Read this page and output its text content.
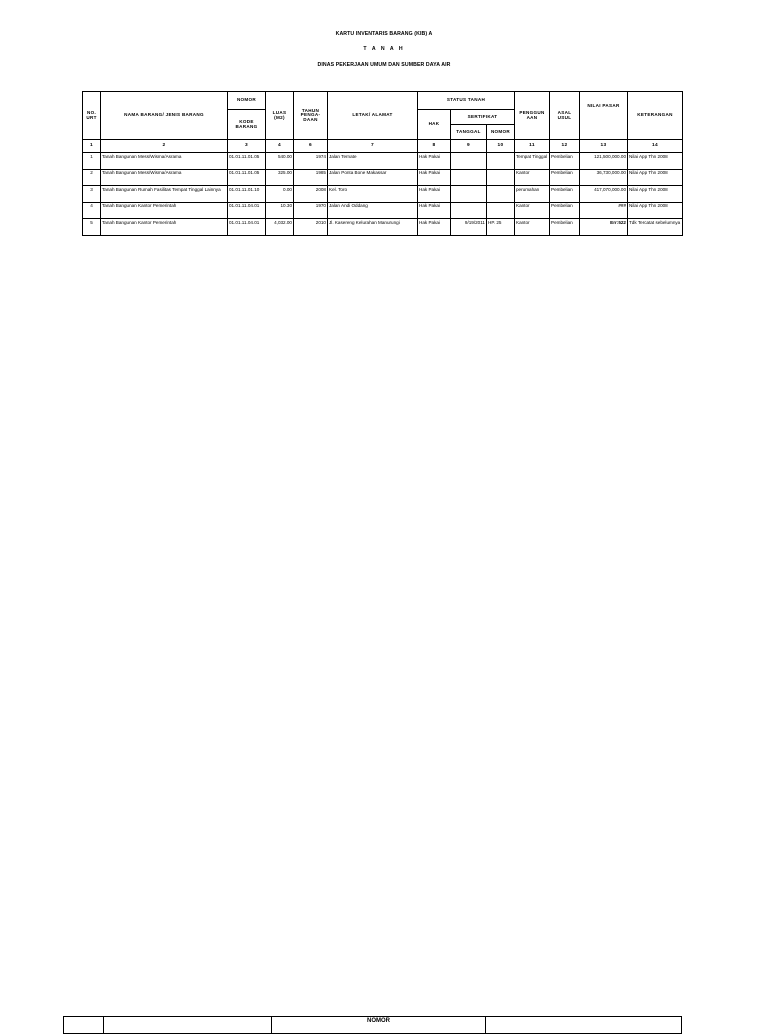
KARTU INVENTARIS BARANG (KIB) A
T A N A H
DINAS PEKERJAAN UMUM DAN SUMBER DAYA AIR
NO. URT	NAMA BARANG/ JENIS BARANG	NOMOR	LUAS (M2)	TAHUN PENGA- DAAN	LETAK/ ALAMAT	STATUS TANAH			PENGGUN AAN	ASAL USUL	NILAI PASAR	KETERANGAN
		KODE BARANG				HAK	SERTIFIKAT					
							TANGGAL	NOMOR				
1	2	3	4	6	7	8	9	10	11	12	13	14
1	Tanah Bangunan Mess/Wisma/Asrama	01.01.11.01.05	540.00	1974	Jalan Ternate	Hak Pakai			Tempat Tinggal	Pembelian	121,500,000.00	Nilai App Thn 2008
2	Tanah Bangunan Mess/Wisma/Asrama	01.01.11.01.05	325.00	1985	Jalan Ponta Bone Makassar	Hak Pakai			Kantor	Pembelian	36,730,000.00	Nilai App Thn 2008
3	Tanah Bangunan Rumah Fasilitas Tempat Tinggal Lainnya	01.01.11.01.10	0.00	2008	Kel. Toro	Hak Pakai			perumahan	Pembelian	417,070,000.00	Nilai App Thn 2008
4	Tanah Bangunan Kantor Pemerintah	01.01.11.04.01	10.30	1970	Jalan Andi Oddang	Hak Pakai			Kantor	Pembelian	###	Nilai App Thn 2008
5	Tanah Bangunan Kantor Pemerintah	01.01.11.04.01	4,032.00	2010	Jl. Kasereng Kelurahan Manurungi	Hak Pakai	9/19/2011	HP. 25	Kantor	Pembelian	Err:522	Tdk Tercatat sebelumnya
		NOMOR	
